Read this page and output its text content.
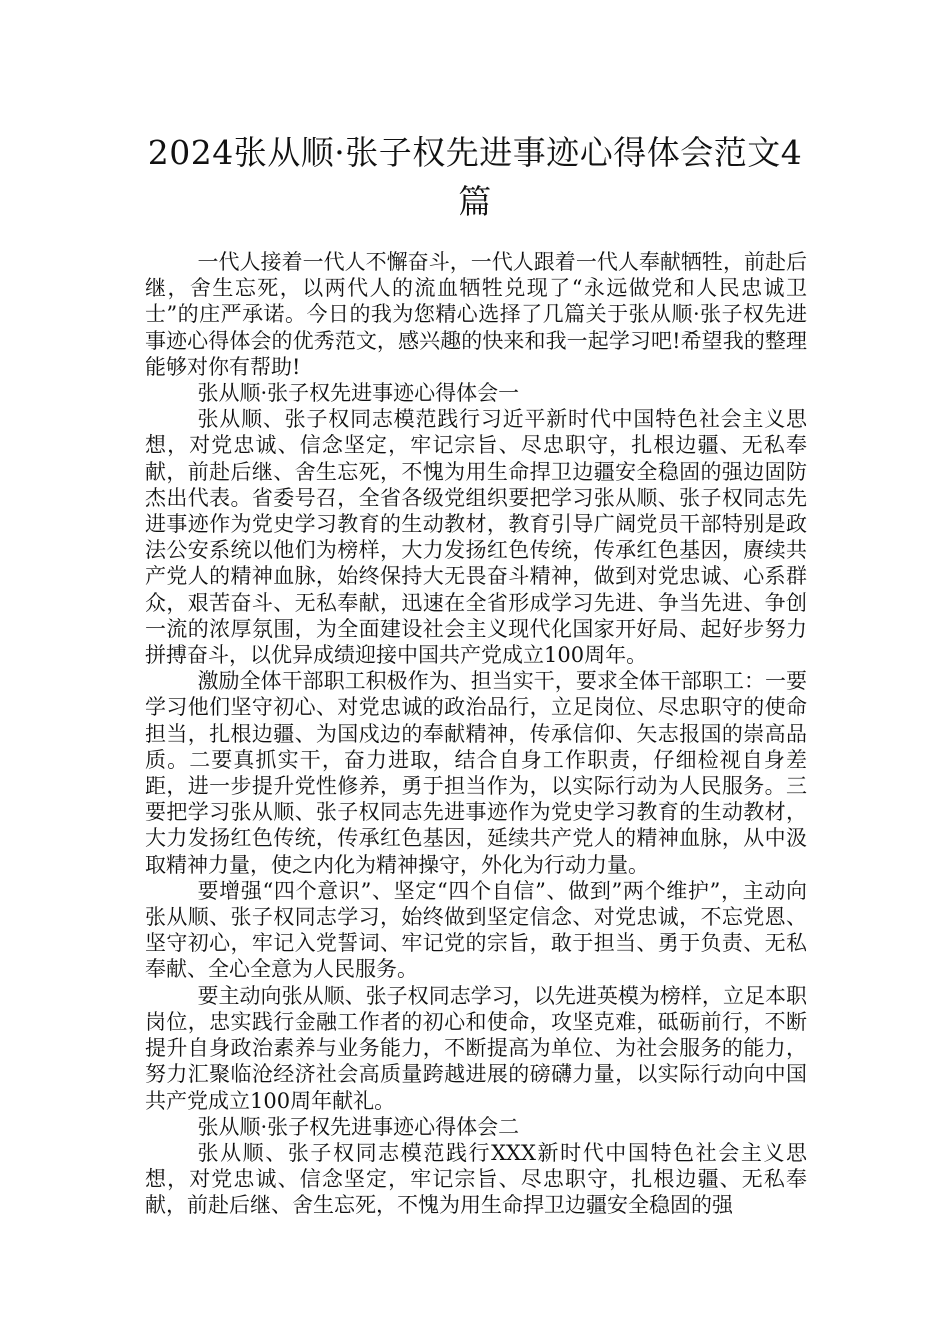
2024张从顺·张子权先进事迹心得体会范文4篇

一代人接着一代人不懈奋斗，一代人跟着一代人奉献牺牲，前赴后继，舍生忘死，以两代人的流血牺牲兑现了“永远做党和人民忠诚卫士”的庄严承诺。今日的我为您精心选择了几篇关于张从顺·张子权先进事迹心得体会的优秀范文，感兴趣的快来和我一起学习吧!希望我的整理能够对你有帮助!

张从顺·张子权先进事迹心得体会一

张从顺、张子权同志模范践行习近平新时代中国特色社会主义思想，对党忠诚、信念坚定，牢记宗旨、尽忠职守，扎根边疆、无私奉献，前赴后继、舍生忘死，不愧为用生命捍卫边疆安全稳固的强边固防杰出代表。省委号召，全省各级党组织要把学习张从顺、张子权同志先进事迹作为党史学习教育的生动教材，教育引导广阔党员干部特别是政法公安系统以他们为榜样，大力发扬红色传统，传承红色基因，赓续共产党人的精神血脉，始终保持大无畏奋斗精神，做到对党忠诚、心系群众，艰苦奋斗、无私奉献，迅速在全省形成学习先进、争当先进、争创一流的浓厚氛围，为全面建设社会主义现代化国家开好局、起好步努力拼搏奋斗，以优异成绩迎接中国共产党成立100周年。

激励全体干部职工积极作为、担当实干，要求全体干部职工：一要学习他们坚守初心、对党忠诚的政治品行，立足岗位、尽忠职守的使命担当，扎根边疆、为国戍边的奉献精神，传承信仰、矢志报国的崇高品质。二要真抓实干，奋力进取，结合自身工作职责，仔细检视自身差距，进一步提升党性修养，勇于担当作为，以实际行动为人民服务。三要把学习张从顺、张子权同志先进事迹作为党史学习教育的生动教材，大力发扬红色传统，传承红色基因，延续共产党人的精神血脉，从中汲取精神力量，使之内化为精神操守，外化为行动力量。

要增强“四个意识”、坚定“四个自信”、做到”两个维护”，主动向张从顺、张子权同志学习，始终做到坚定信念、对党忠诚，不忘党恩、坚守初心，牢记入党誓词、牢记党的宗旨，敢于担当、勇于负责、无私奉献、全心全意为人民服务。

要主动向张从顺、张子权同志学习，以先进英模为榜样，立足本职岗位，忠实践行金融工作者的初心和使命，攻坚克难，砥砺前行，不断提升自身政治素养与业务能力，不断提高为单位、为社会服务的能力，努力汇聚临沧经济社会高质量跨越进展的磅礴力量，以实际行动向中国共产党成立100周年献礼。

张从顺·张子权先进事迹心得体会二

张从顺、张子权同志模范践行XXX新时代中国特色社会主义思想，对党忠诚、信念坚定，牢记宗旨、尽忠职守，扎根边疆、无私奉献，前赴后继、舍生忘死，不愧为用生命捍卫边疆安全稳固的强
